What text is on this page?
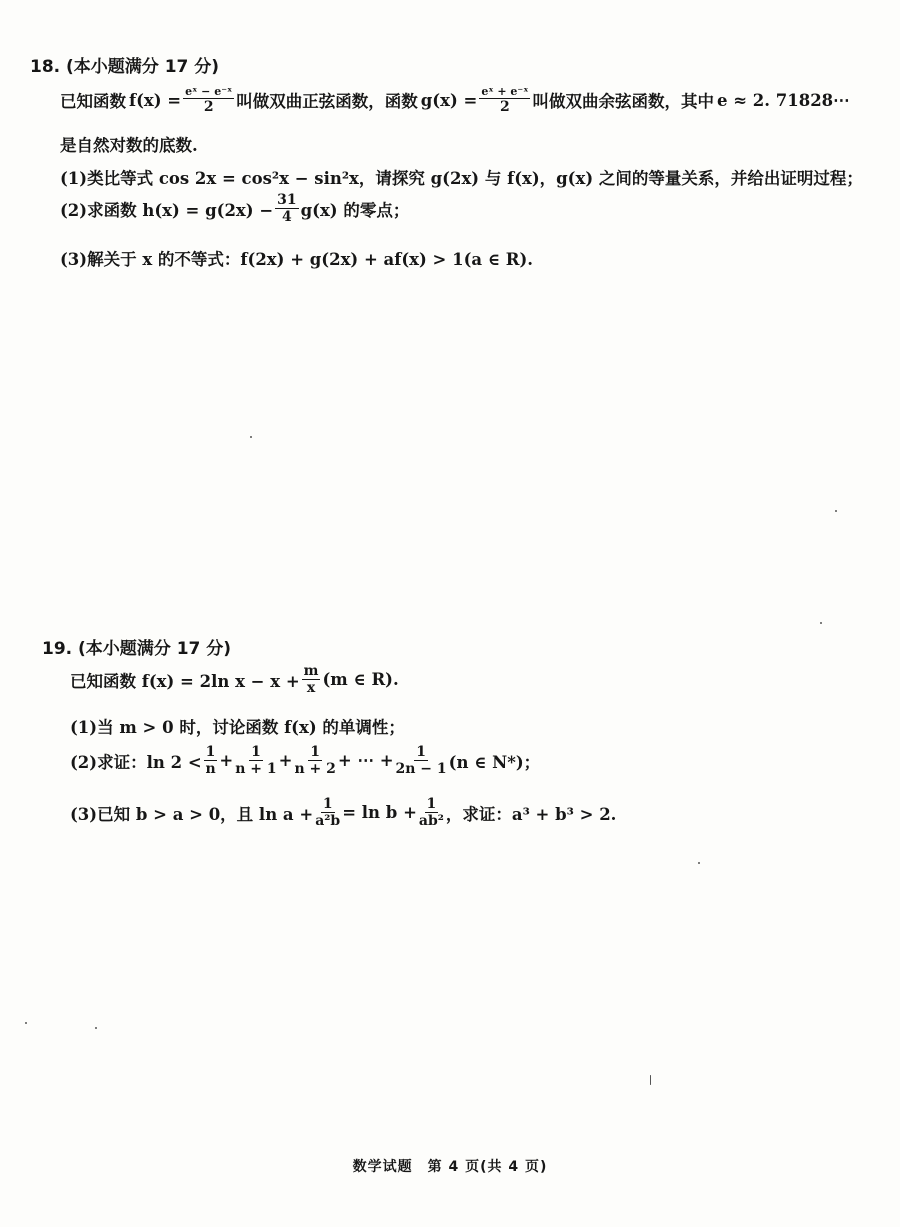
18. (本小题满分 17 分)
已知函数 $f(x) = \frac{\text{eˣ − e⁻ˣ}}{2}$ 叫做双曲正弦函数，函数 $g(x) = \frac{\text{eˣ + e⁻ˣ}}{2}$ 叫做双曲余弦函数，其中 e ≈ 2. 71828⋯
是自然对数的底数.
(1)类比等式 cos 2x = cos²x − sin²x，请探究 g(2x) 与 f(x)，g(x) 之间的等量关系，并给出证明过程；
(2)求函数 $h(x) = g(2x) - \frac{31}{4} g(x)$ 的零点；
(3)解关于 x 的不等式：f(2x) + g(2x) + af(x) > 1(a ∈ R).
19. (本小题满分 17 分)
已知函数 f(x) = 2ln $x - x + \frac{m}{x} (m$ ∈ R).
(1)当 m > 0 时，讨论函数 f(x) 的单调性；
(2)求证：$\ln 2 < \frac{1}{n} + \frac{1}{n + 1} + \frac{1}{n + 2}$ + ⋯ + $\frac{1}{2n - 1} (n$ ∈ N*)；
(3)已知 b > a > 0，且 $\ln a + \frac{1}{\text{a²b}} = \ln b + \frac{1}{\text{ab²}}$ ，求证：a³ + b³ > 2.
数学试题　第 4 页(共 4 页)
